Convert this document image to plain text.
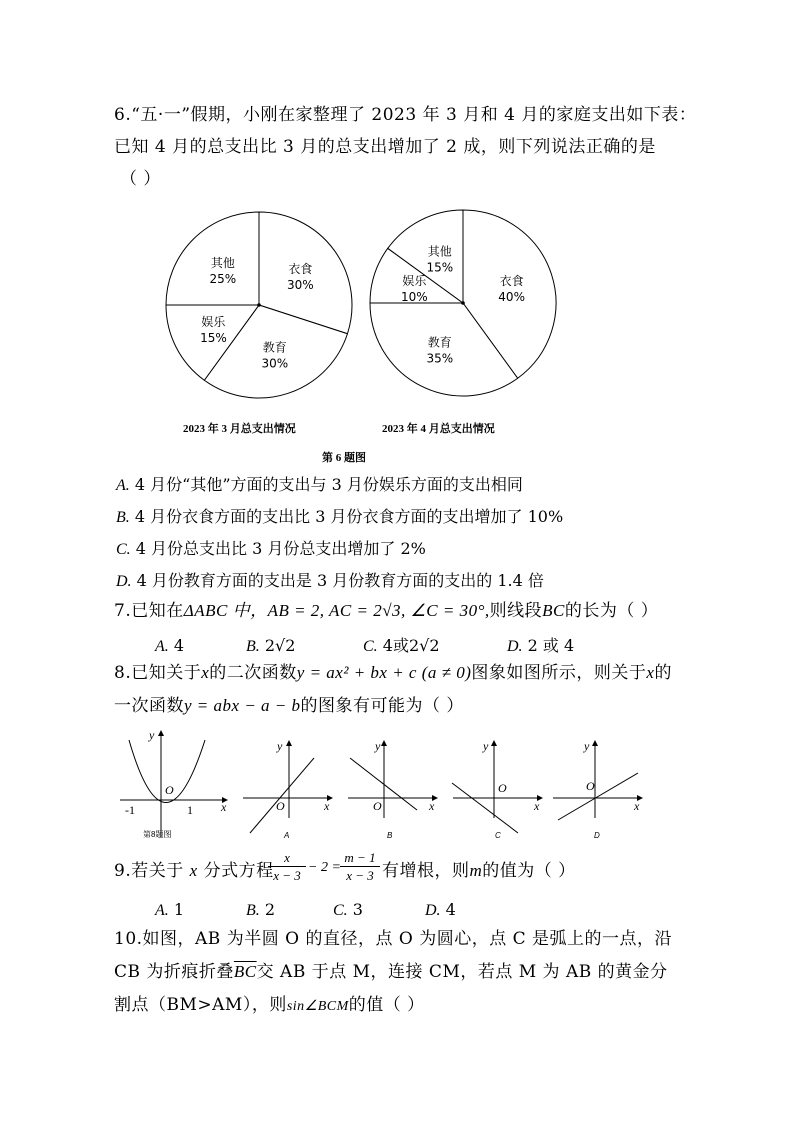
6.“五·一”假期，小刚在家整理了 2023 年 3 月和 4 月的家庭支出如下表：
已知 4 月的总支出比 3 月的总支出增加了 2 成，则下列说法正确的是
（ ）
衣食
30%
教育
30%
娱乐
15%
其他
25%	衣食
40%
教育
35%
娱乐
10%
其他
15%
2023 年 3 月总支出情况	2023 年 4 月总支出情况
第 6 题图
A. 4 月份“其他”方面的支出与 3 月份娱乐方面的支出相同
B. 4 月份衣食方面的支出比 3 月份衣食方面的支出增加了 10%
C. 4 月份总支出比 3 月份总支出增加了 2%
D. 4 月份教育方面的支出是 3 月份教育方面的支出的 1.4 倍
7.已知在ΔABC 中，AB = 2, AC = 2√3, ∠C = 30°,则线段BC的长为（ ）
A. 4	B. 2√2	C. 4或2√2	D. 2 或 4
8.已知关于x的二次函数y = ax² + bx + c (a ≠ 0)图象如图所示，则关于x的
一次函数y = abx − a − b的图象有可能为（ ）
y
x
O
-1	1
第8题图
y
x
O
A
y
x
O
B
y
x
O
C
y
x
O
D
9.若关于 x 分式方程
x
x − 3
− 2 =
m − 1
x − 3 有增根，则m的值为（ ）
A. 1	B. 2	C. 3	D. 4
10.如图，AB 为半圆 O 的直径，点 O 为圆心，点 C 是弧上的一点，沿
CB 为折痕折叠$\overline{BC}$交 AB 于点 M，连接 CM，若点 M 为 AB 的黄金分
割点（BM>AM），则sin∠BCM的值（ ）
